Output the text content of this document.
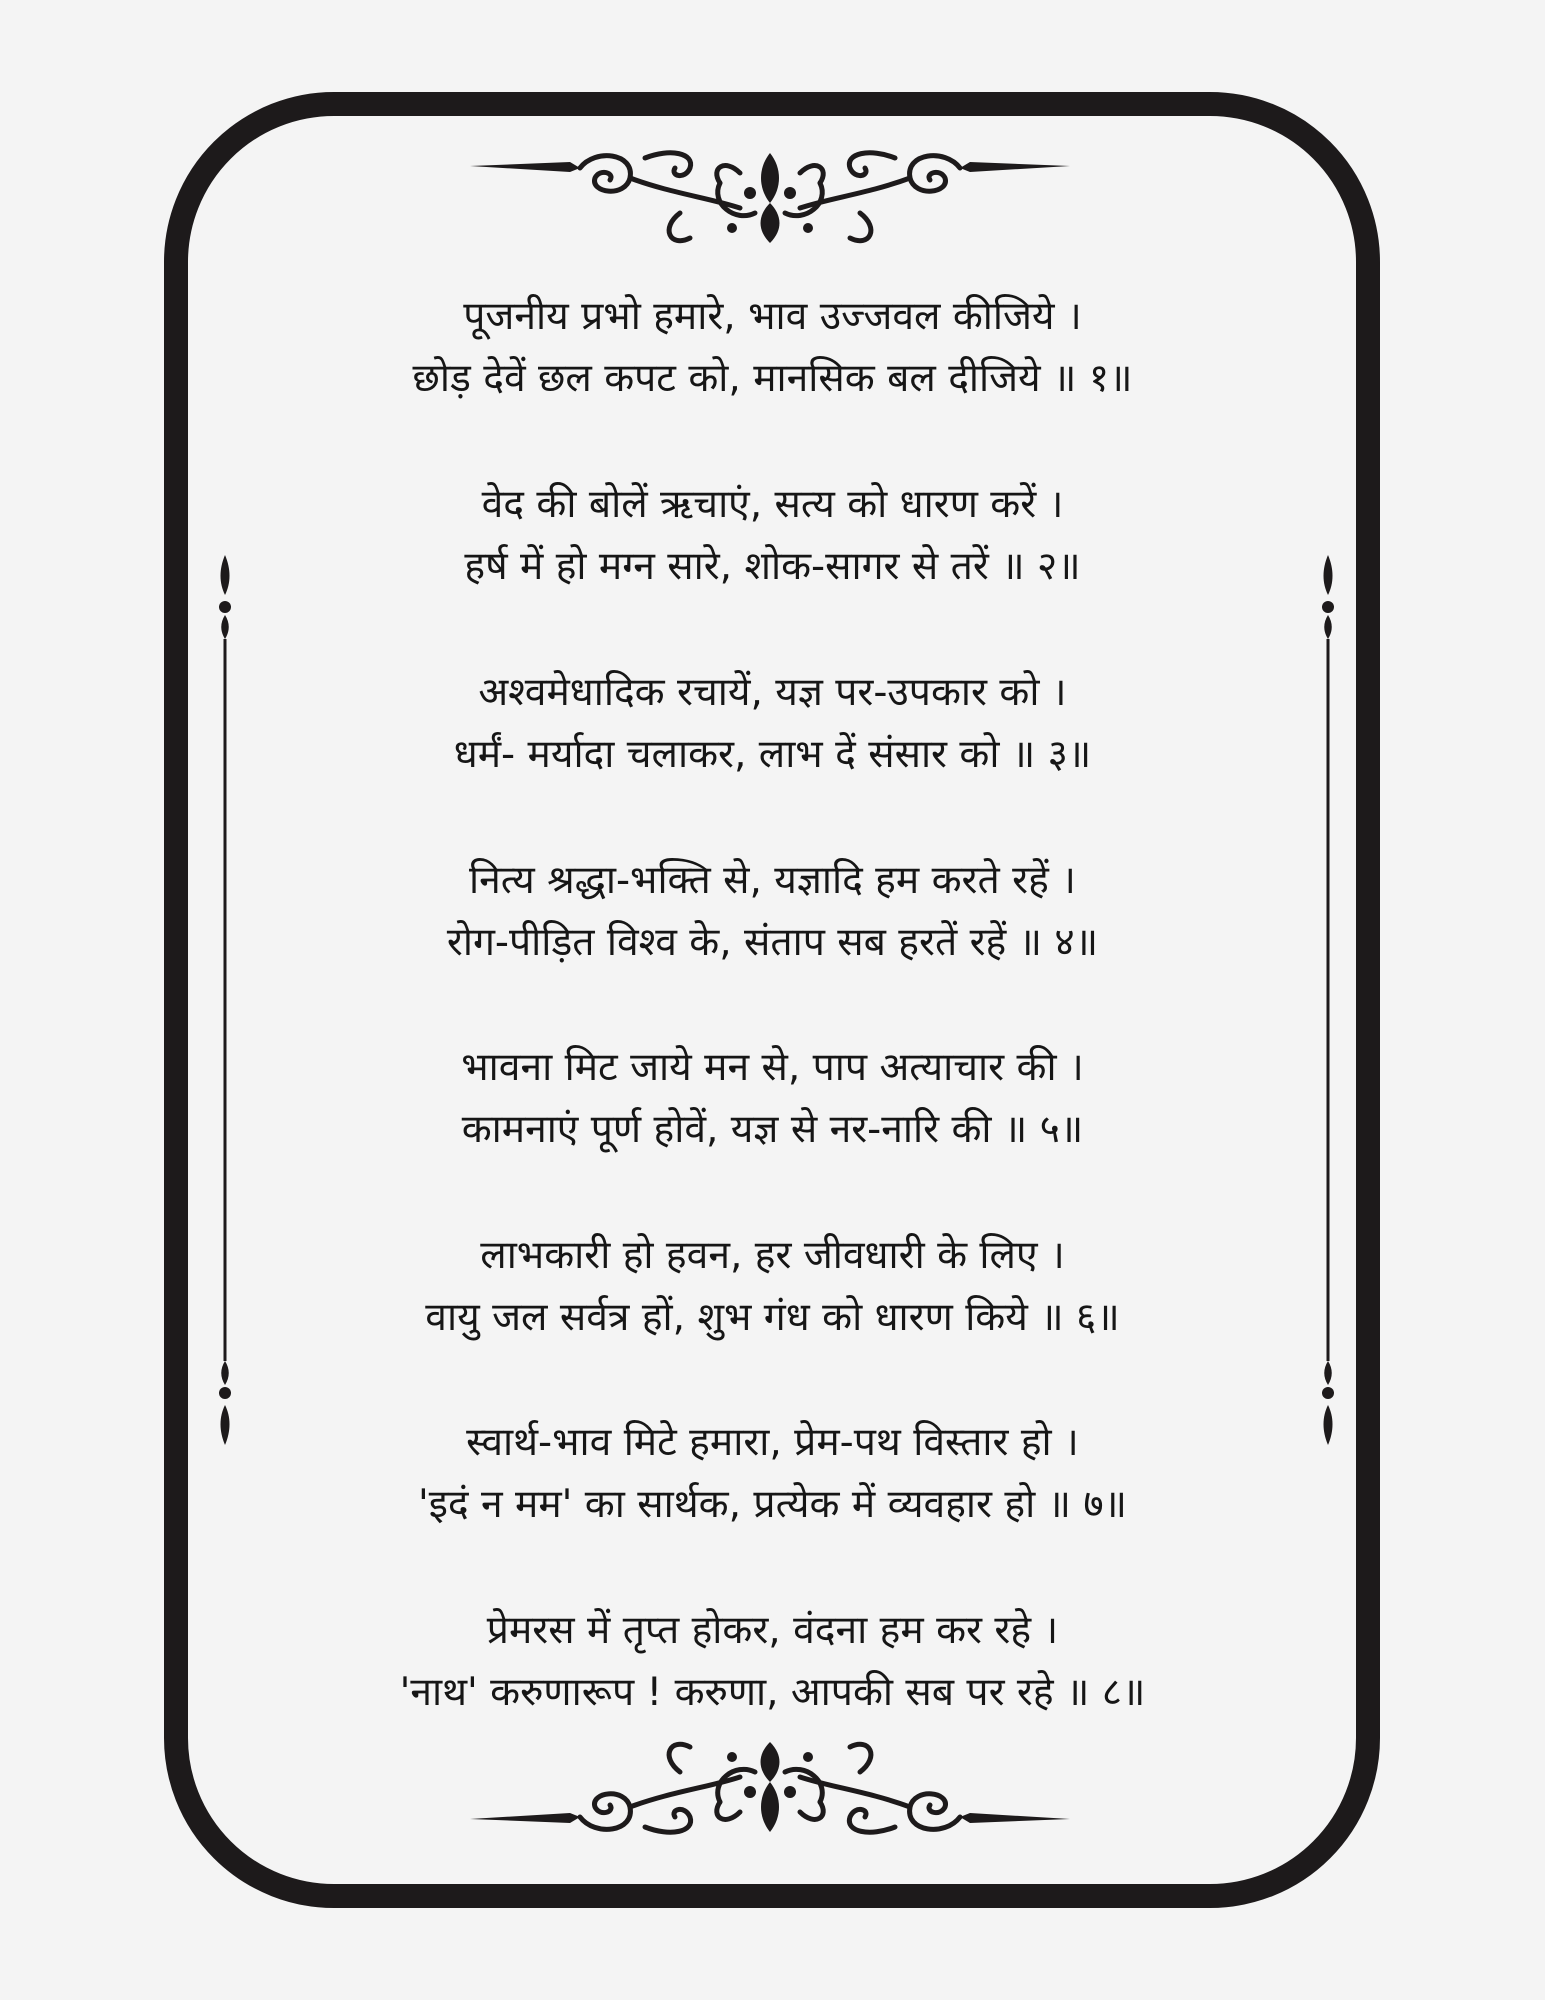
पूजनीय प्रभो हमारे, भाव उज्जवल कीजिये ।
छोड़ देवें छल कपट को, मानसिक बल दीजिये ॥ १॥
वेद की बोलें ऋचाएं, सत्य को धारण करें ।
हर्ष में हो मग्न सारे, शोक-सागर से तरें ॥ २॥
अश्वमेधादिक रचायें, यज्ञ पर-उपकार को ।
धर्मं- मर्यादा चलाकर, लाभ दें संसार को ॥ ३॥
नित्य श्रद्धा-भक्ति से, यज्ञादि हम करते रहें ।
रोग-पीड़ित विश्व के, संताप सब हरतें रहें ॥ ४॥
भावना मिट जाये मन से, पाप अत्याचार की ।
कामनाएं पूर्ण होवें, यज्ञ से नर-नारि की ॥ ५॥
लाभकारी हो हवन, हर जीवधारी के लिए ।
वायु जल सर्वत्र हों, शुभ गंध को धारण किये ॥ ६॥
स्वार्थ-भाव मिटे हमारा, प्रेम-पथ विस्तार हो ।
'इदं न मम' का सार्थक, प्रत्येक में व्यवहार हो ॥ ७॥
प्रेमरस में तृप्त होकर, वंदना हम कर रहे ।
'नाथ' करुणारूप ! करुणा, आपकी सब पर रहे ॥ ८॥
